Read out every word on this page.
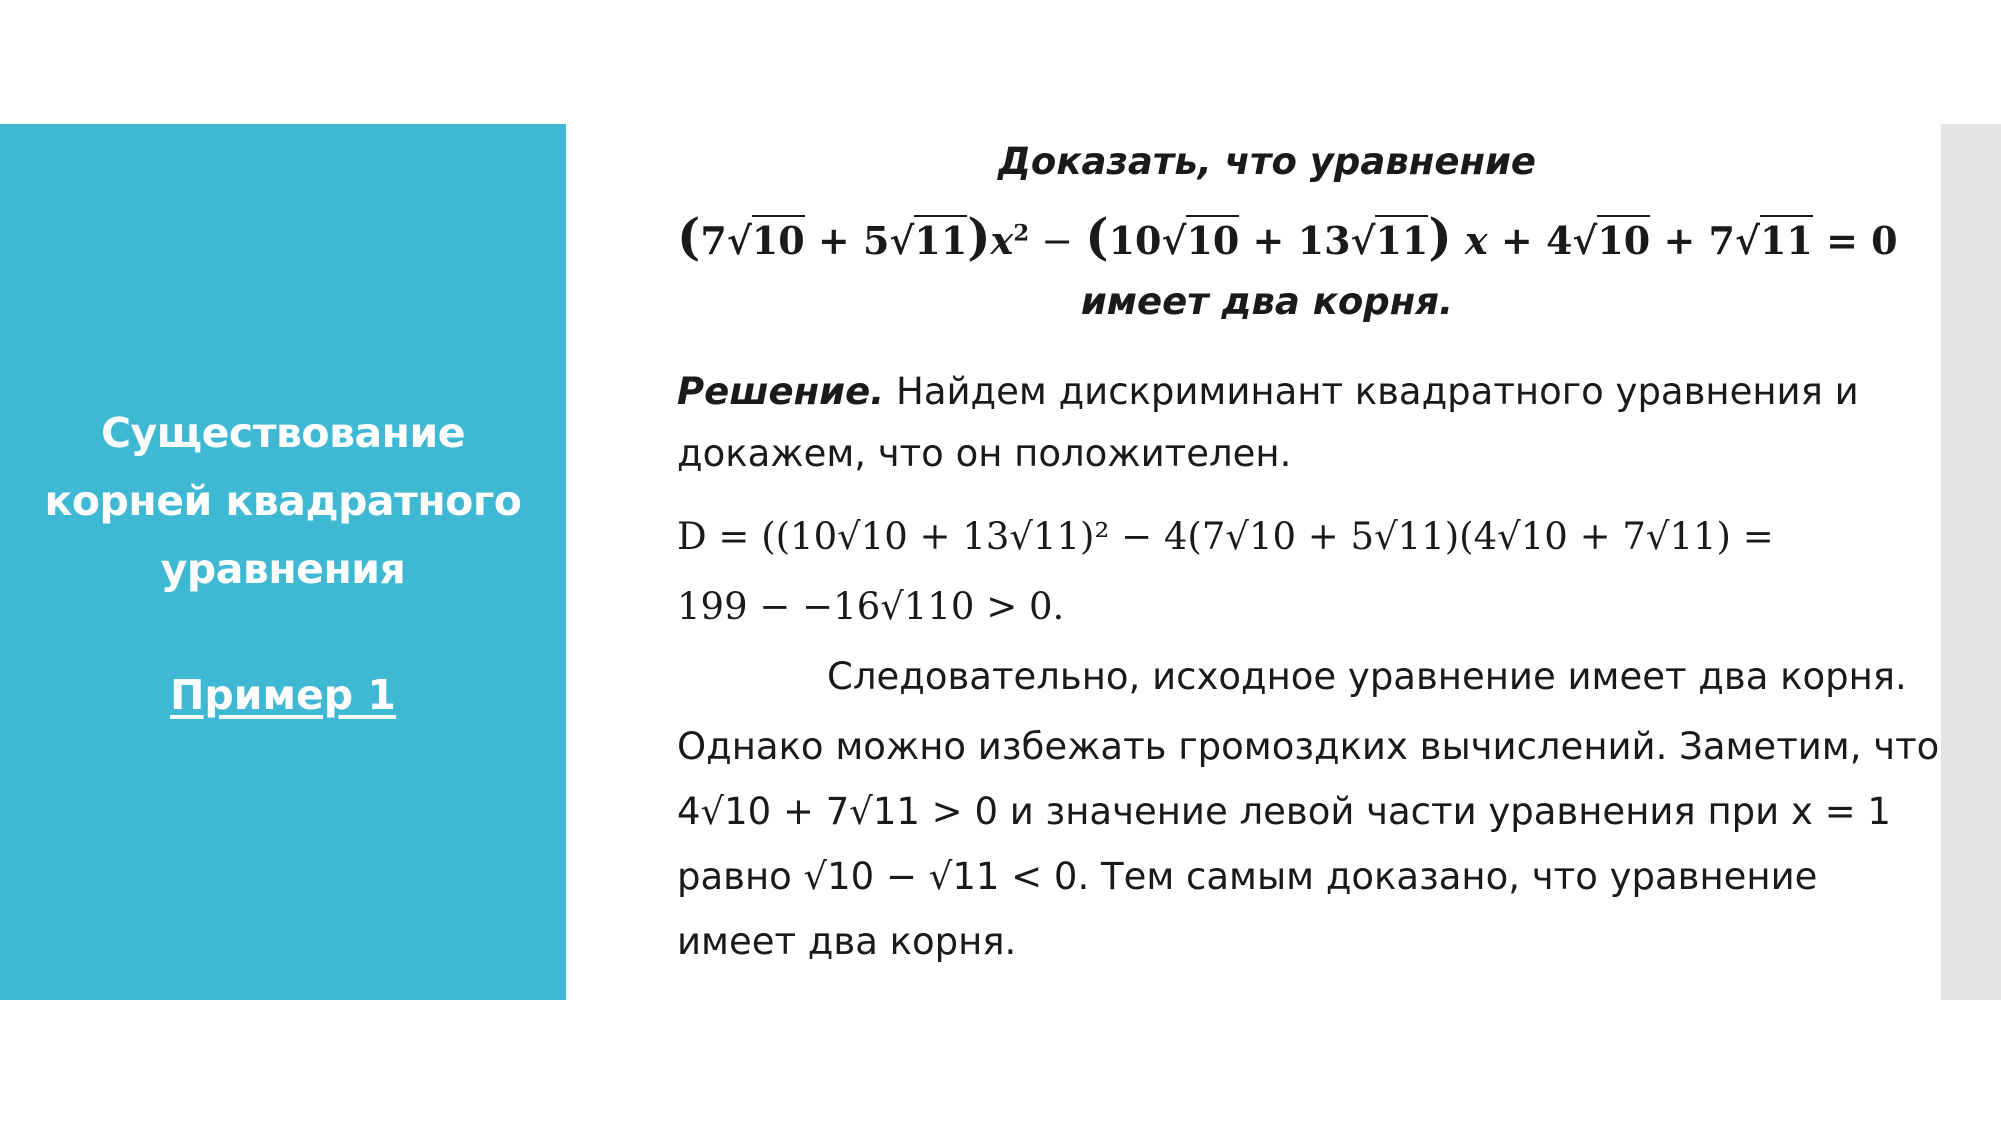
Существование
корней квадратного
уравнения
Пример 1
Доказать, что уравнение
$(7√10 + 5√11)x^2 - (10√10 + 13√11)$ x + 4√10 + 7√11 = 0
имеет два корня.
Решение. Найдем дискриминант квадратного уравнения и
докажем, что он положителен.
D = ((10√10 + 13√11)² − 4(7√10 + 5√11)(4√10 + 7√11) =
199 − −16√110 > 0.
Следовательно, исходное уравнение имеет два корня.
Однако можно избежать громоздких вычислений. Заметим, что
4√10 + 7√11 > 0 и значение левой части уравнения при x = 1
равно √10 − √11 < 0. Тем самым доказано, что уравнение
имеет два корня.
